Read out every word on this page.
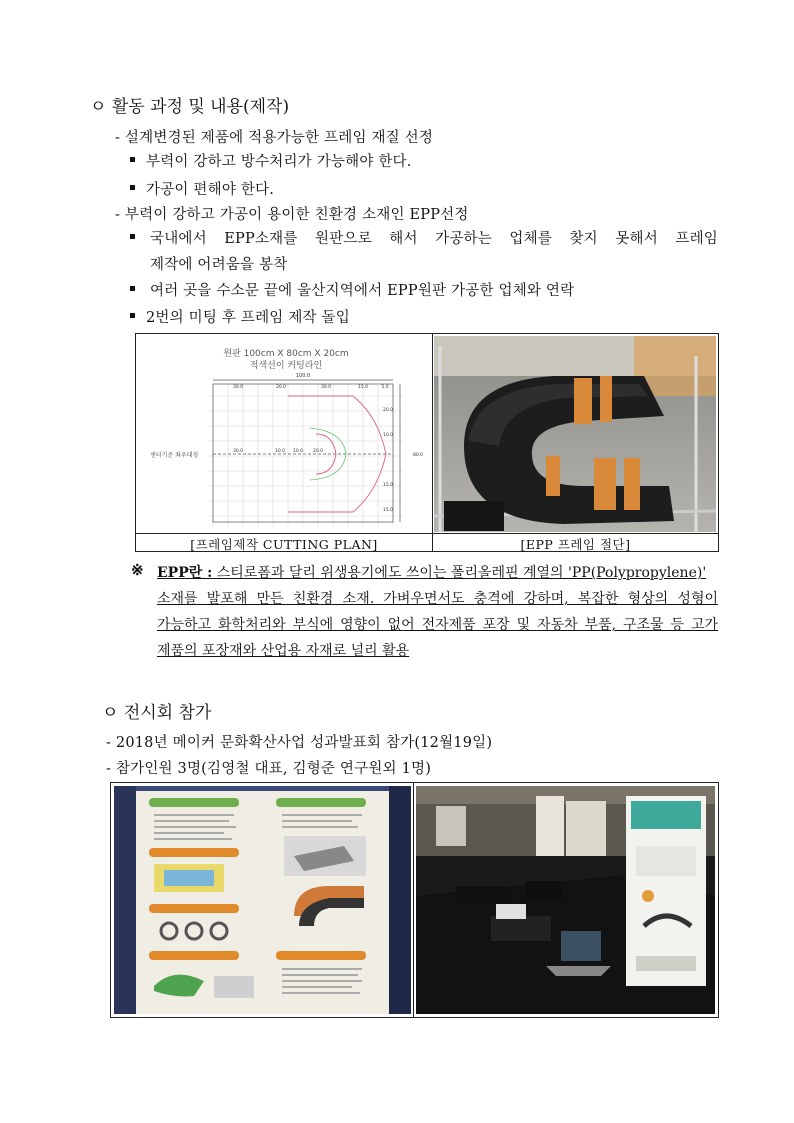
ㅇ 활동 과정 및 내용(제작)
- 설계변경된 제품에 적용가능한 프레임 재질 선정
부력이 강하고 방수처리가 가능해야 한다.
가공이 편해야 한다.
- 부력이 강하고 가공이 용이한 친환경 소재인 EPP선정
국내에서 EPP소재를 원판으로 해서 가공하는 업체를 찾지 못해서 프레임
제작에 어려움을 봉착
여러 곳을 수소문 끝에 울산지역에서 EPP원판 가공한 업체와 연락
2번의 미팅 후 프레임 제작 돌입
원판 100cm X 80cm X 20cm
적색선이 커팅라인
100.0
30.0	20.0	30.0	15.0	5.0
30.0	10.0 10.0 20.0
80.0
20.0
10.0
15.0
15.0
센터기준 좌우대칭
[프레임제작 CUTTING PLAN]	[EPP 프레임 절단]
※ EPP란 : 스티로폼과 달리 위생용기에도 쓰이는 폴리올레핀 계열의 'PP(Polypropylene)'
소재를 발포해 만든 친환경 소재. 가벼우면서도 충격에 강하며, 복잡한 형상의 성형이
가능하고 화학처리와 부식에 영향이 없어 전자제품 포장 및 자동차 부품, 구조물 등 고가
제품의 포장재와 산업용 자재로 널리 활용
ㅇ 전시회 참가
- 2018년 메이커 문화확산사업 성과발표회 참가(12월19일)
- 참가인원 3명(김영철 대표, 김형준 연구원외 1명)
